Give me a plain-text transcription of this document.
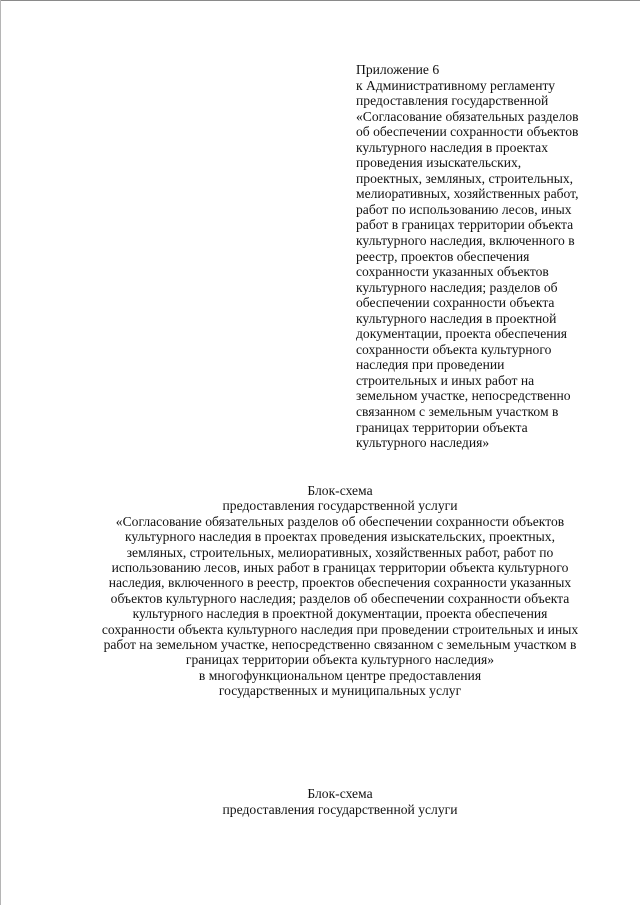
Приложение 6
к Административному регламенту
предоставления государственной
«Согласование обязательных разделов
об обеспечении сохранности объектов
культурного наследия в проектах
проведения изыскательских,
проектных, земляных, строительных,
мелиоративных, хозяйственных работ,
работ по использованию лесов, иных
работ в границах территории объекта
культурного наследия, включенного в
реестр, проектов обеспечения
сохранности указанных объектов
культурного наследия; разделов об
обеспечении сохранности объекта
культурного наследия в проектной
документации, проекта обеспечения
сохранности объекта культурного
наследия при проведении
строительных и иных работ на
земельном участке, непосредственно
связанном с земельным участком в
границах территории объекта
культурного наследия»
Блок-схема
предоставления государственной услуги
«Согласование обязательных разделов об обеспечении сохранности объектов
культурного наследия в проектах проведения изыскательских, проектных,
земляных, строительных, мелиоративных, хозяйственных работ, работ по
использованию лесов, иных работ в границах территории объекта культурного
наследия, включенного в реестр, проектов обеспечения сохранности указанных
объектов культурного наследия; разделов об обеспечении сохранности объекта
культурного наследия в проектной документации, проекта обеспечения
сохранности объекта культурного наследия при проведении строительных и иных
работ на земельном участке, непосредственно связанном с земельным участком в
границах территории объекта культурного наследия»
в многофункциональном центре предоставления
государственных и муниципальных услуг
Блок-схема
предоставления государственной услуги
